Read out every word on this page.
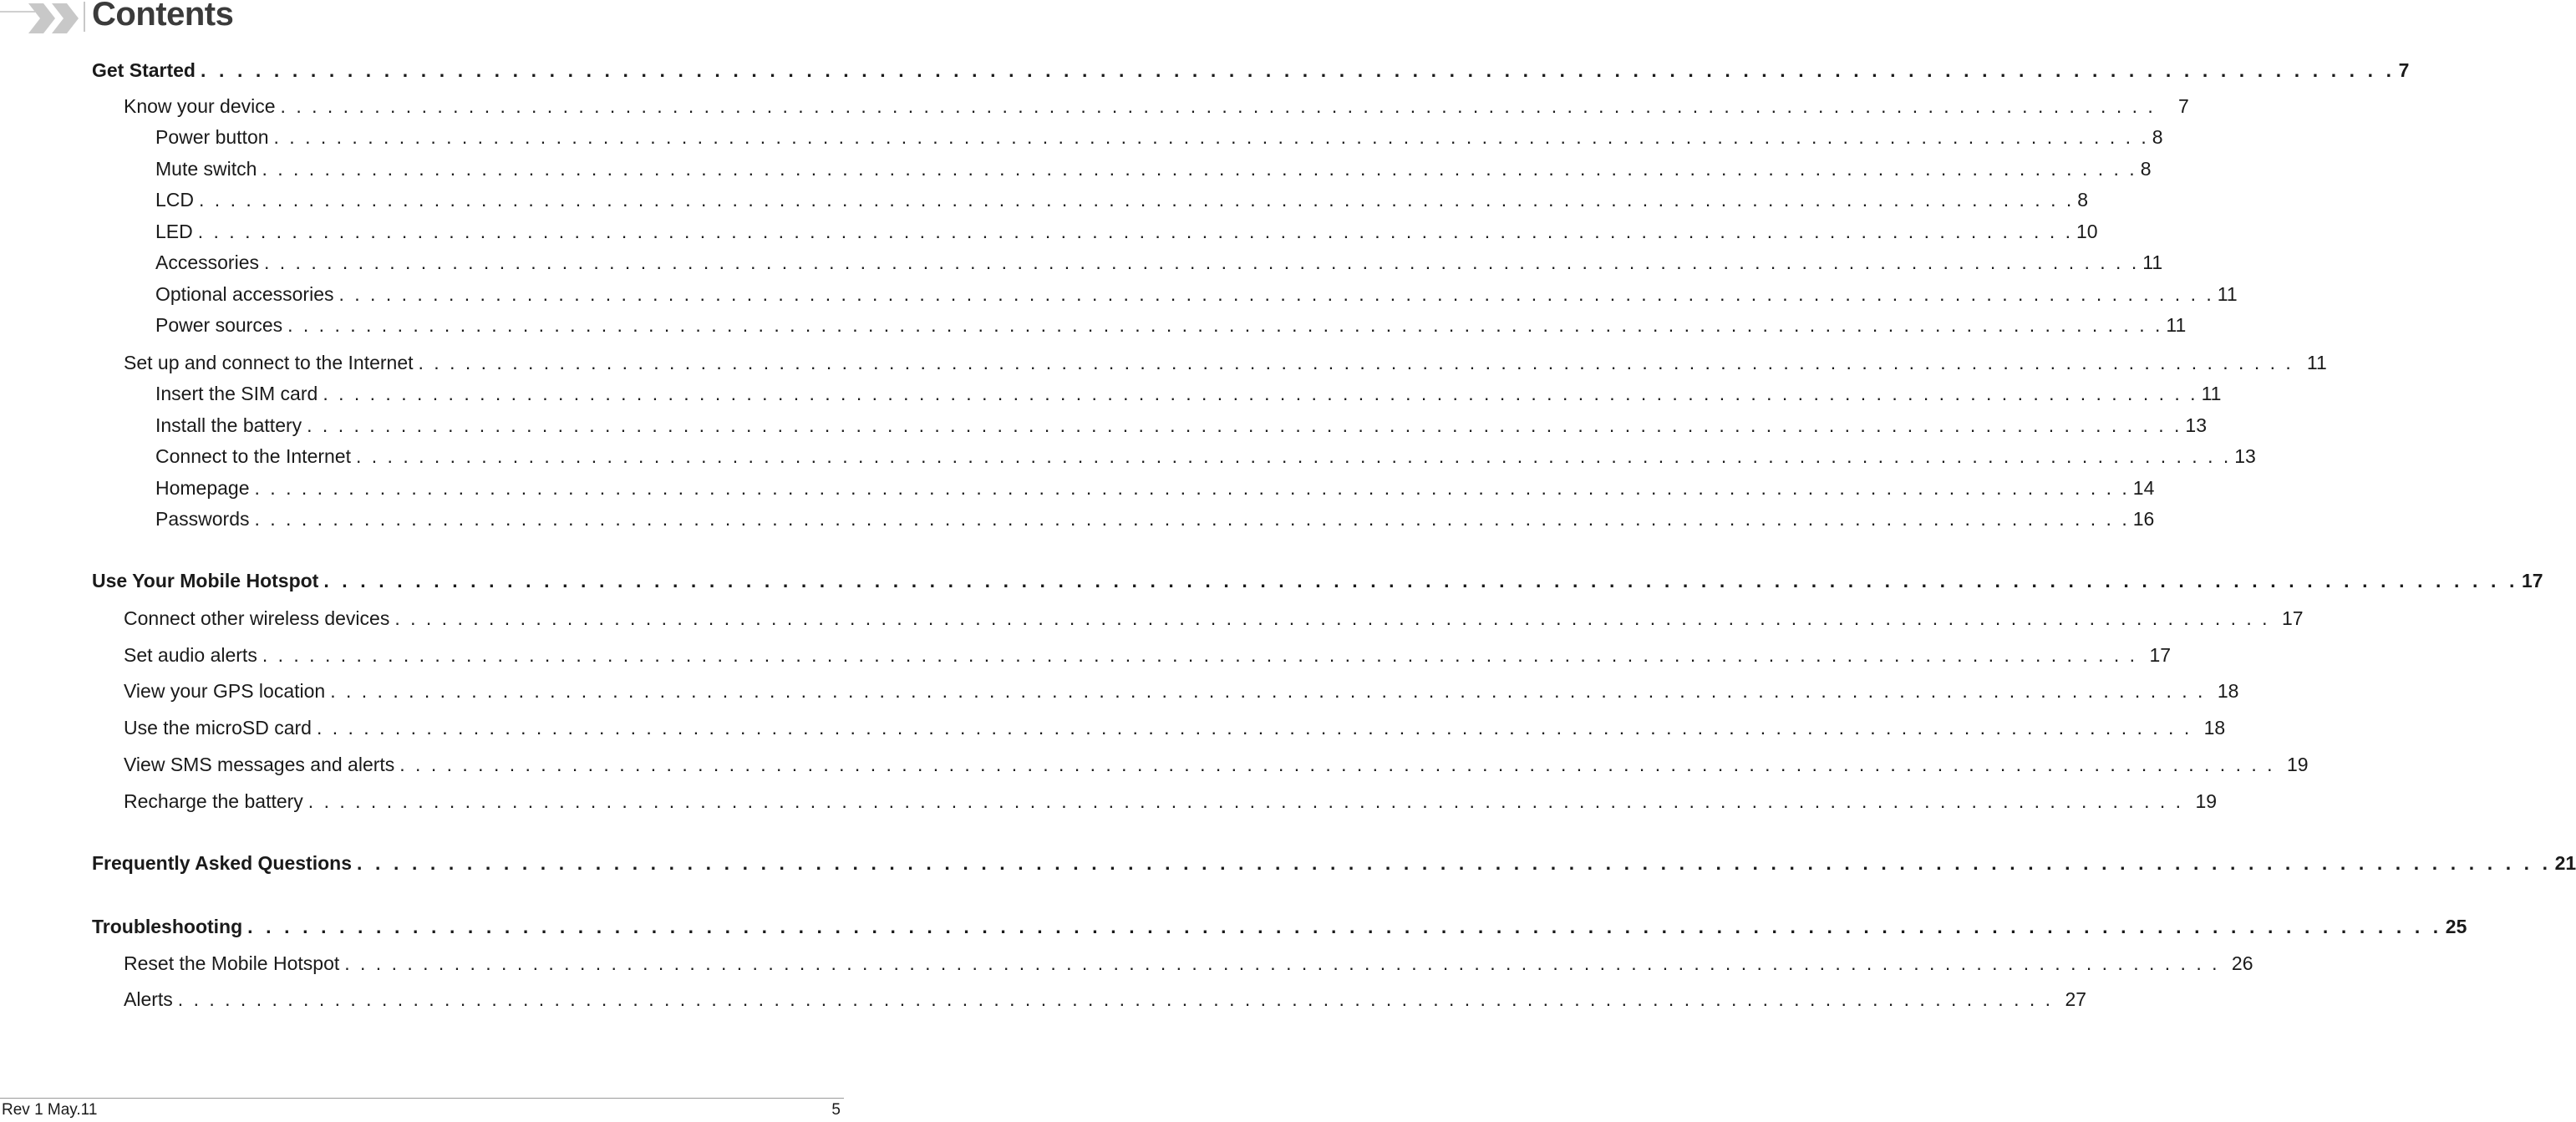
Contents
Get Started . . . . . . . . . . . . . . . . . . . . . . . . . . . . . . . . . . . . . . . . . . . . . . . . . . . . . . . . . . . . . . . . . . . . . . . . . . . . . . . . . . . . . . . . . . . . . . . . . . . . . . . . . . . . . . . . . . . . . . . . 7
Know your device . . . . . . . . . . . . . . . . . . . . . . . . . . . . . . . . . . . . . . . . . . . . . . . . . . . . . . . . . . . . . . . . . . . . . . . . . . . . . . . . . . . . . . . . . . . . . . . . . . . . . . . . . . . . . . . . . . . . . . . .	7
Power button . . . . . . . . . . . . . . . . . . . . . . . . . . . . . . . . . . . . . . . . . . . . . . . . . . . . . . . . . . . . . . . . . . . . . . . . . . . . . . . . . . . . . . . . . . . . . . . . . . . . . . . . . . . . . . . . . . . . . . . . 8
Mute switch . . . . . . . . . . . . . . . . . . . . . . . . . . . . . . . . . . . . . . . . . . . . . . . . . . . . . . . . . . . . . . . . . . . . . . . . . . . . . . . . . . . . . . . . . . . . . . . . . . . . . . . . . . . . . . . . . . . . . . . . 8
LCD . . . . . . . . . . . . . . . . . . . . . . . . . . . . . . . . . . . . . . . . . . . . . . . . . . . . . . . . . . . . . . . . . . . . . . . . . . . . . . . . . . . . . . . . . . . . . . . . . . . . . . . . . . . . . . . . . . . . . . . . 8
LED . . . . . . . . . . . . . . . . . . . . . . . . . . . . . . . . . . . . . . . . . . . . . . . . . . . . . . . . . . . . . . . . . . . . . . . . . . . . . . . . . . . . . . . . . . . . . . . . . . . . . . . . . . . . . . . . . . . . . . . . 10
Accessories . . . . . . . . . . . . . . . . . . . . . . . . . . . . . . . . . . . . . . . . . . . . . . . . . . . . . . . . . . . . . . . . . . . . . . . . . . . . . . . . . . . . . . . . . . . . . . . . . . . . . . . . . . . . . . . . . . . . . . . . 11
Optional accessories . . . . . . . . . . . . . . . . . . . . . . . . . . . . . . . . . . . . . . . . . . . . . . . . . . . . . . . . . . . . . . . . . . . . . . . . . . . . . . . . . . . . . . . . . . . . . . . . . . . . . . . . . . . . . . . . . . . . . . . . 11
Power sources . . . . . . . . . . . . . . . . . . . . . . . . . . . . . . . . . . . . . . . . . . . . . . . . . . . . . . . . . . . . . . . . . . . . . . . . . . . . . . . . . . . . . . . . . . . . . . . . . . . . . . . . . . . . . . . . . . . . . . . . 11
Set up and connect to the Internet . . . . . . . . . . . . . . . . . . . . . . . . . . . . . . . . . . . . . . . . . . . . . . . . . . . . . . . . . . . . . . . . . . . . . . . . . . . . . . . . . . . . . . . . . . . . . . . . . . . . . . . . . . . . . . . . . . . . . . . . 11
Insert the SIM card . . . . . . . . . . . . . . . . . . . . . . . . . . . . . . . . . . . . . . . . . . . . . . . . . . . . . . . . . . . . . . . . . . . . . . . . . . . . . . . . . . . . . . . . . . . . . . . . . . . . . . . . . . . . . . . . . . . . . . . . 11
Install the battery . . . . . . . . . . . . . . . . . . . . . . . . . . . . . . . . . . . . . . . . . . . . . . . . . . . . . . . . . . . . . . . . . . . . . . . . . . . . . . . . . . . . . . . . . . . . . . . . . . . . . . . . . . . . . . . . . . . . . . . . 13
Connect to the Internet . . . . . . . . . . . . . . . . . . . . . . . . . . . . . . . . . . . . . . . . . . . . . . . . . . . . . . . . . . . . . . . . . . . . . . . . . . . . . . . . . . . . . . . . . . . . . . . . . . . . . . . . . . . . . . . . . . . . . . . . 13
Homepage . . . . . . . . . . . . . . . . . . . . . . . . . . . . . . . . . . . . . . . . . . . . . . . . . . . . . . . . . . . . . . . . . . . . . . . . . . . . . . . . . . . . . . . . . . . . . . . . . . . . . . . . . . . . . . . . . . . . . . . . 14
Passwords . . . . . . . . . . . . . . . . . . . . . . . . . . . . . . . . . . . . . . . . . . . . . . . . . . . . . . . . . . . . . . . . . . . . . . . . . . . . . . . . . . . . . . . . . . . . . . . . . . . . . . . . . . . . . . . . . . . . . . . . 16
Use Your Mobile Hotspot . . . . . . . . . . . . . . . . . . . . . . . . . . . . . . . . . . . . . . . . . . . . . . . . . . . . . . . . . . . . . . . . . . . . . . . . . . . . . . . . . . . . . . . . . . . . . . . . . . . . . . . . . . . . . . . . . . . . . . . . 17
Connect other wireless devices . . . . . . . . . . . . . . . . . . . . . . . . . . . . . . . . . . . . . . . . . . . . . . . . . . . . . . . . . . . . . . . . . . . . . . . . . . . . . . . . . . . . . . . . . . . . . . . . . . . . . . . . . . . . . . . . . . . . . . . . 17
Set audio alerts . . . . . . . . . . . . . . . . . . . . . . . . . . . . . . . . . . . . . . . . . . . . . . . . . . . . . . . . . . . . . . . . . . . . . . . . . . . . . . . . . . . . . . . . . . . . . . . . . . . . . . . . . . . . . . . . . . . . . . . . 17
View your GPS location . . . . . . . . . . . . . . . . . . . . . . . . . . . . . . . . . . . . . . . . . . . . . . . . . . . . . . . . . . . . . . . . . . . . . . . . . . . . . . . . . . . . . . . . . . . . . . . . . . . . . . . . . . . . . . . . . . . . . . . . 18
Use the microSD card . . . . . . . . . . . . . . . . . . . . . . . . . . . . . . . . . . . . . . . . . . . . . . . . . . . . . . . . . . . . . . . . . . . . . . . . . . . . . . . . . . . . . . . . . . . . . . . . . . . . . . . . . . . . . . . . . . . . . . . . 18
View SMS messages and alerts . . . . . . . . . . . . . . . . . . . . . . . . . . . . . . . . . . . . . . . . . . . . . . . . . . . . . . . . . . . . . . . . . . . . . . . . . . . . . . . . . . . . . . . . . . . . . . . . . . . . . . . . . . . . . . . . . . . . . . . . 19
Recharge the battery . . . . . . . . . . . . . . . . . . . . . . . . . . . . . . . . . . . . . . . . . . . . . . . . . . . . . . . . . . . . . . . . . . . . . . . . . . . . . . . . . . . . . . . . . . . . . . . . . . . . . . . . . . . . . . . . . . . . . . . . 19
Frequently Asked Questions . . . . . . . . . . . . . . . . . . . . . . . . . . . . . . . . . . . . . . . . . . . . . . . . . . . . . . . . . . . . . . . . . . . . . . . . . . . . . . . . . . . . . . . . . . . . . . . . . . . . . . . . . . . . . . . . . . . . . . . . 21
Troubleshooting . . . . . . . . . . . . . . . . . . . . . . . . . . . . . . . . . . . . . . . . . . . . . . . . . . . . . . . . . . . . . . . . . . . . . . . . . . . . . . . . . . . . . . . . . . . . . . . . . . . . . . . . . . . . . . . . . . . . . . . . 25
Reset the Mobile Hotspot . . . . . . . . . . . . . . . . . . . . . . . . . . . . . . . . . . . . . . . . . . . . . . . . . . . . . . . . . . . . . . . . . . . . . . . . . . . . . . . . . . . . . . . . . . . . . . . . . . . . . . . . . . . . . . . . . . . . . . . . 26
Alerts . . . . . . . . . . . . . . . . . . . . . . . . . . . . . . . . . . . . . . . . . . . . . . . . . . . . . . . . . . . . . . . . . . . . . . . . . . . . . . . . . . . . . . . . . . . . . . . . . . . . . . . . . . . . . . . . . . . . . . . . 27
Rev 1 May.11	5
